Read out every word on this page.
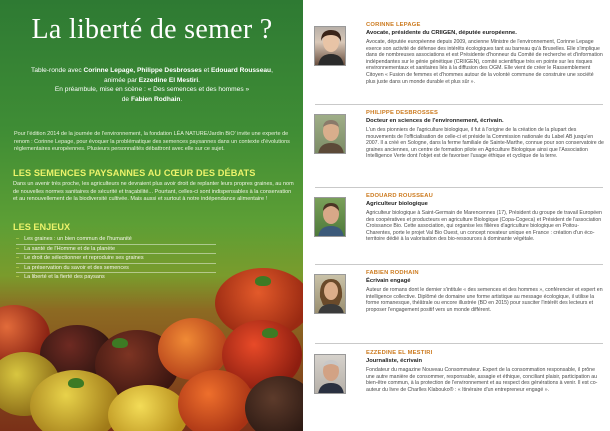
La liberté de semer ?
Table-ronde avec Corinne Lepage, Philippe Desbrosses et Edouard Rousseau,
animée par Ezzedine El Mestiri.
En préambule, mise en scène : « Des semences et des hommes »
de Fabien Rodhain.
Pour l'édition 2014 de la journée de l'environnement, la fondation LÉA NATURE/Jardin BiO' invite une experte de renom : Corinne Lepage, pour évoquer la problématique des semences paysannes dans un contexte d'évolutions réglementaires européennes. Plusieurs personnalités débattront avec elle sur ce sujet.
LES SEMENCES PAYSANNES AU CŒUR DES DÉBATS
Dans un avenir très proche, les agriculteurs ne devraient plus avoir droit de replanter leurs propres graines, au nom de nouvelles normes sanitaires de sécurité et traçabilité... Pourtant, celles-ci sont indispensables à la conservation et au renouvellement de la biodiversité cultivée. Mais aussi et surtout à notre indépendance alimentaire !
LES ENJEUX
– Les graines : un bien commun de l'humanité
– La santé de l'Homme et de la planète
– Le droit de sélectionner et reproduire ses graines
– La préservation du savoir et des semences
– La liberté et la fierté des paysans
CORINNE LEPAGE
Avocate, présidente du CRIIGEN, députée européenne.
Avocate, députée européenne depuis 2009, ancienne Ministre de l'environnement, Corinne Lepage exerce son activité de défense des intérêts écologiques tant au barreau qu'à Bruxelles. Elle s'implique dans de nombreuses associations et est Présidente d'honneur du Comité de recherche et d'information indépendantes sur le génie génétique (CRIIGEN), comité scientifique très en pointe sur les risques environnementaux et sanitaires liés à la diffusion des OGM. Elle vient de créer le Rassemblement Citoyen « Fusion de femmes et d'hommes autour de la volonté commune de construire une société plus juste dans un monde durable et plus sûr ».
PHILIPPE DESBROSSES
Docteur en sciences de l'environnement, écrivain.
L'un des pionniers de l'agriculture biologique, il fut à l'origine de la création de la plupart des mouvements de l'officialisation de celle-ci et préside la Commission nationale du Label AB jusqu'en 2007. Il a créé en Sologne, dans la ferme familiale de Sainte-Marthe, connue pour son conservatoire de graines anciennes, un centre de formation pilote en Agriculture Biologique ainsi que l'Association Intelligence Verte dont l'objet est de favoriser l'usage éthique et cyclique de la terre.
EDOUARD ROUSSEAU
Agriculteur biologique
Agriculteur biologique à Saint-Germain de Marencennes (17), Président du groupe de travail Européen des coopératives et producteurs en agriculture Biologique (Copa-Cogeca) et Président de l'association Croissance Bio. Cette association, qui organise les filières d'agriculture biologique en Poitou-Charentes, porte le projet Val Bio Ouest, un concept novateur unique en France : création d'un éco-territoire dédié à la valorisation des bio-ressources à dominante végétale.
FABIEN RODHAIN
Écrivain engagé
Auteur de romans dont le dernier s'intitule « des semences et des hommes », conférencier et expert en intelligence collective. Diplômé de domaine une forme artistique au message écologique, il utilise la forme romanesque, théâtrale ou encore illustrée (BD en 2015) pour susciter l'intérêt des lecteurs et proposer l'engagement positif vers un monde différent.
EZZEDINE EL MESTIRI
Journaliste, écrivain
Fondateur du magazine Nouveau Consommateur. Expert de la consommation responsable, il prône une autre manière de consommer, responsable, assagie et éthique, conciliant plaisir, participation au bien-être commun, à la protection de l'environnement et au respect des générations à venir. Il est co-auteur du livre de Charlles Klabouko® : « Itinéraire d'un entrepreneur engagé ».
